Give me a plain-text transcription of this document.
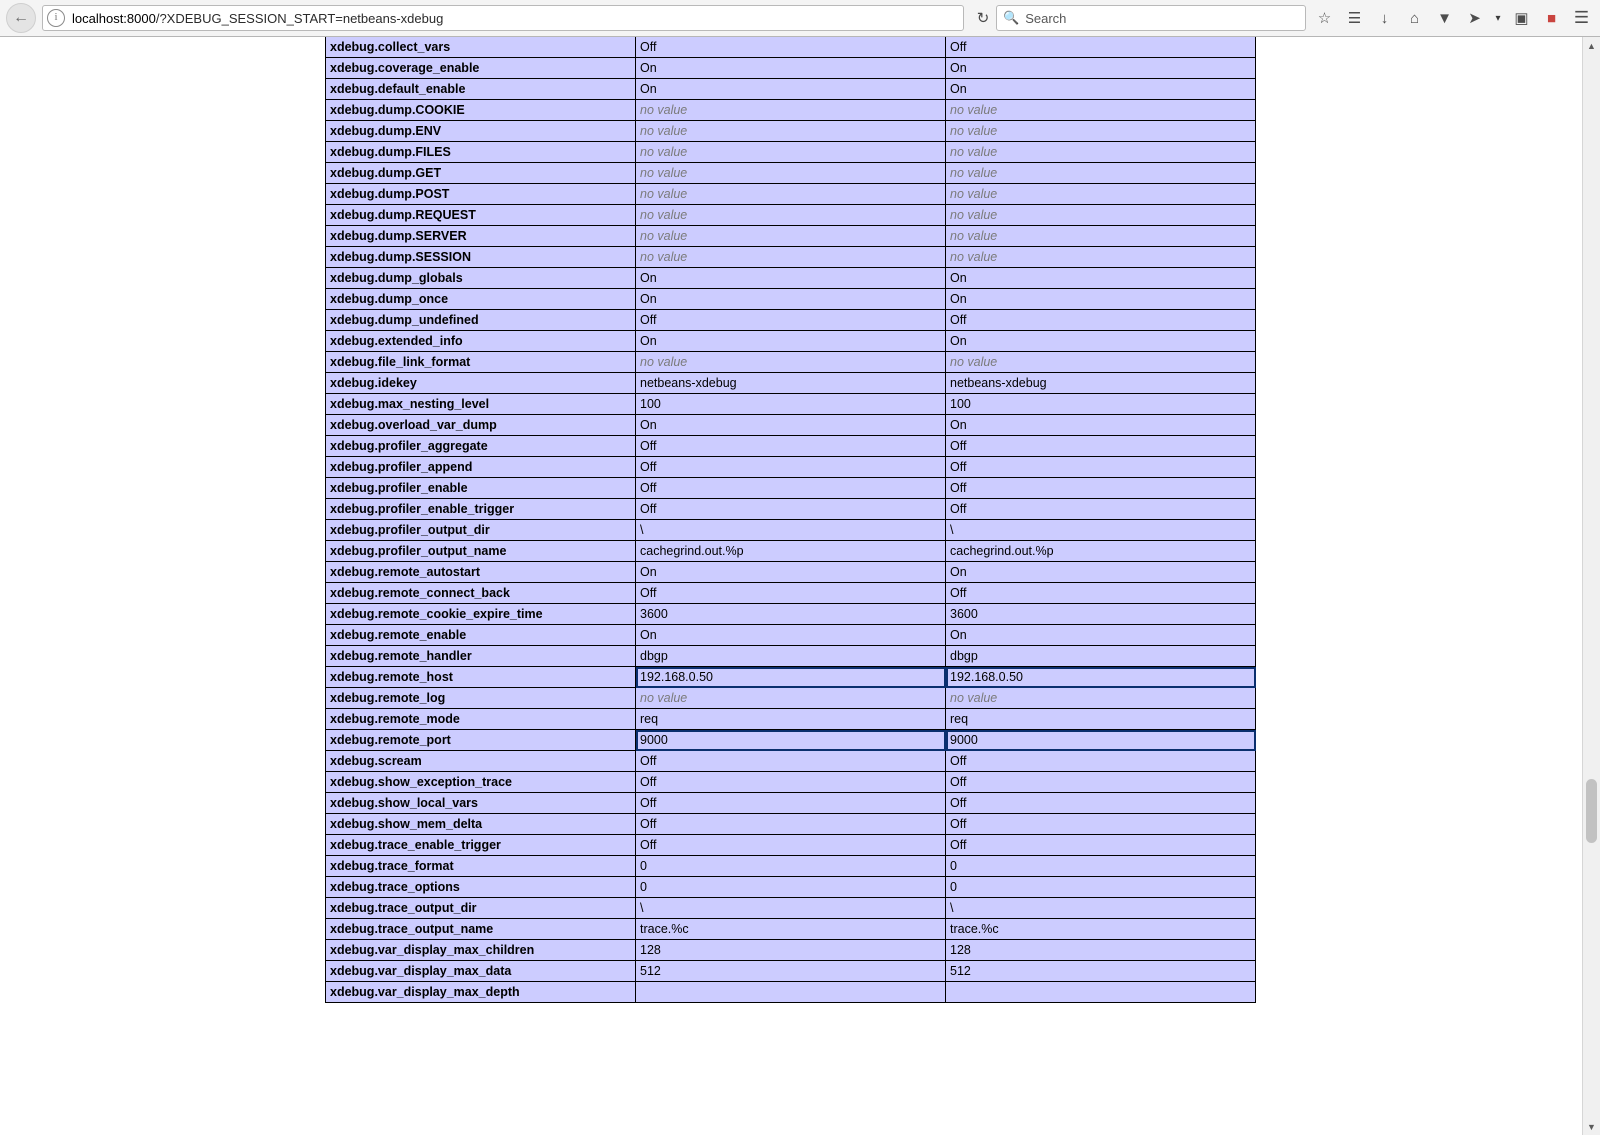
←	i	localhost:8000/?XDEBUG_SESSION_START=netbeans-xdebug	↻	🔍 Search	☆	☰	↓	⌂	▼	➤	▾ ▣	■	☰

xdebug.collect_vars	Off	Off
xdebug.coverage_enable	On	On
xdebug.default_enable	On	On
xdebug.dump.COOKIE	no value	no value
xdebug.dump.ENV	no value	no value
xdebug.dump.FILES	no value	no value
xdebug.dump.GET	no value	no value
xdebug.dump.POST	no value	no value
xdebug.dump.REQUEST	no value	no value
xdebug.dump.SERVER	no value	no value
xdebug.dump.SESSION	no value	no value
xdebug.dump_globals	On	On
xdebug.dump_once	On	On
xdebug.dump_undefined	Off	Off
xdebug.extended_info	On	On
xdebug.file_link_format	no value	no value
xdebug.idekey	netbeans-xdebug	netbeans-xdebug
xdebug.max_nesting_level	100	100
xdebug.overload_var_dump	On	On
xdebug.profiler_aggregate	Off	Off
xdebug.profiler_append	Off	Off
xdebug.profiler_enable	Off	Off
xdebug.profiler_enable_trigger	Off	Off
xdebug.profiler_output_dir	\	\
xdebug.profiler_output_name	cachegrind.out.%p	cachegrind.out.%p
xdebug.remote_autostart	On	On
xdebug.remote_connect_back	Off	Off
xdebug.remote_cookie_expire_time	3600	3600
xdebug.remote_enable	On	On
xdebug.remote_handler	dbgp	dbgp
xdebug.remote_host	192.168.0.50	192.168.0.50
xdebug.remote_log	no value	no value
xdebug.remote_mode	req	req
xdebug.remote_port	9000	9000
xdebug.scream	Off	Off
xdebug.show_exception_trace	Off	Off
xdebug.show_local_vars	Off	Off
xdebug.show_mem_delta	Off	Off
xdebug.trace_enable_trigger	Off	Off
xdebug.trace_format	0	0
xdebug.trace_options	0	0
xdebug.trace_output_dir	\	\
xdebug.trace_output_name	trace.%c	trace.%c
xdebug.var_display_max_children	128	128
xdebug.var_display_max_data	512	512
xdebug.var_display_max_depth		
▲
▼
